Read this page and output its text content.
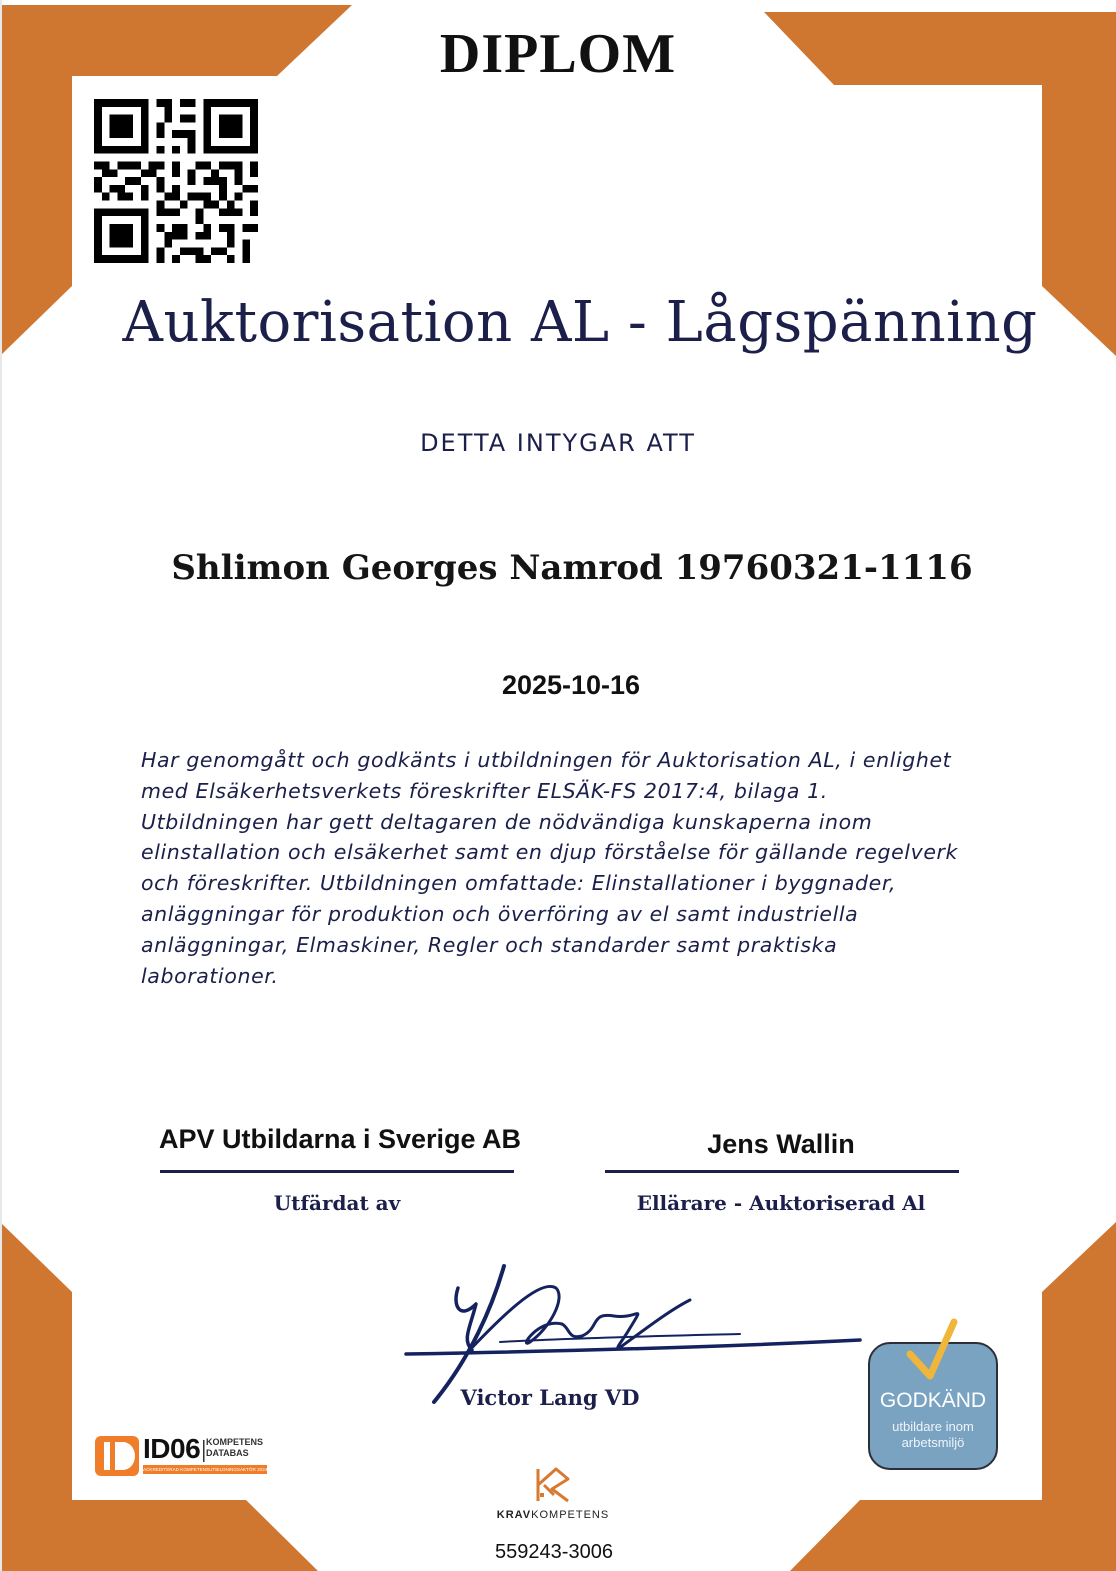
DIPLOM
Auktorisation AL - Lågspänning
DETTA INTYGAR ATT
Shlimon Georges Namrod 19760321-1116
2025-10-16

Har genomgått och godkänts i utbildningen för Auktorisation AL, i enlighet
med Elsäkerhetsverkets föreskrifter ELSÄK-FS 2017:4, bilaga 1.
Utbildningen har gett deltagaren de nödvändiga kunskaperna inom
elinstallation och elsäkerhet samt en djup förståelse för gällande regelverk
och föreskrifter. Utbildningen omfattade: Elinstallationer i byggnader,
anläggningar för produktion och överföring av el samt industriella
anläggningar, Elmaskiner, Regler och standarder samt praktiska
laborationer.

APV Utbildarna i Sverige AB
Utfärdat av
Jens Wallin
Ellärare - Auktoriserad Al
Victor Lang VD
ID06 KOMPETENS
DATABAS
ACKREDITERAD KOMPETENSUTBILDNINGSAKTÖR 2024
KRAVKOMPETENS
GODKÄND
utbildare inom
arbetsmiljö
559243-3006
